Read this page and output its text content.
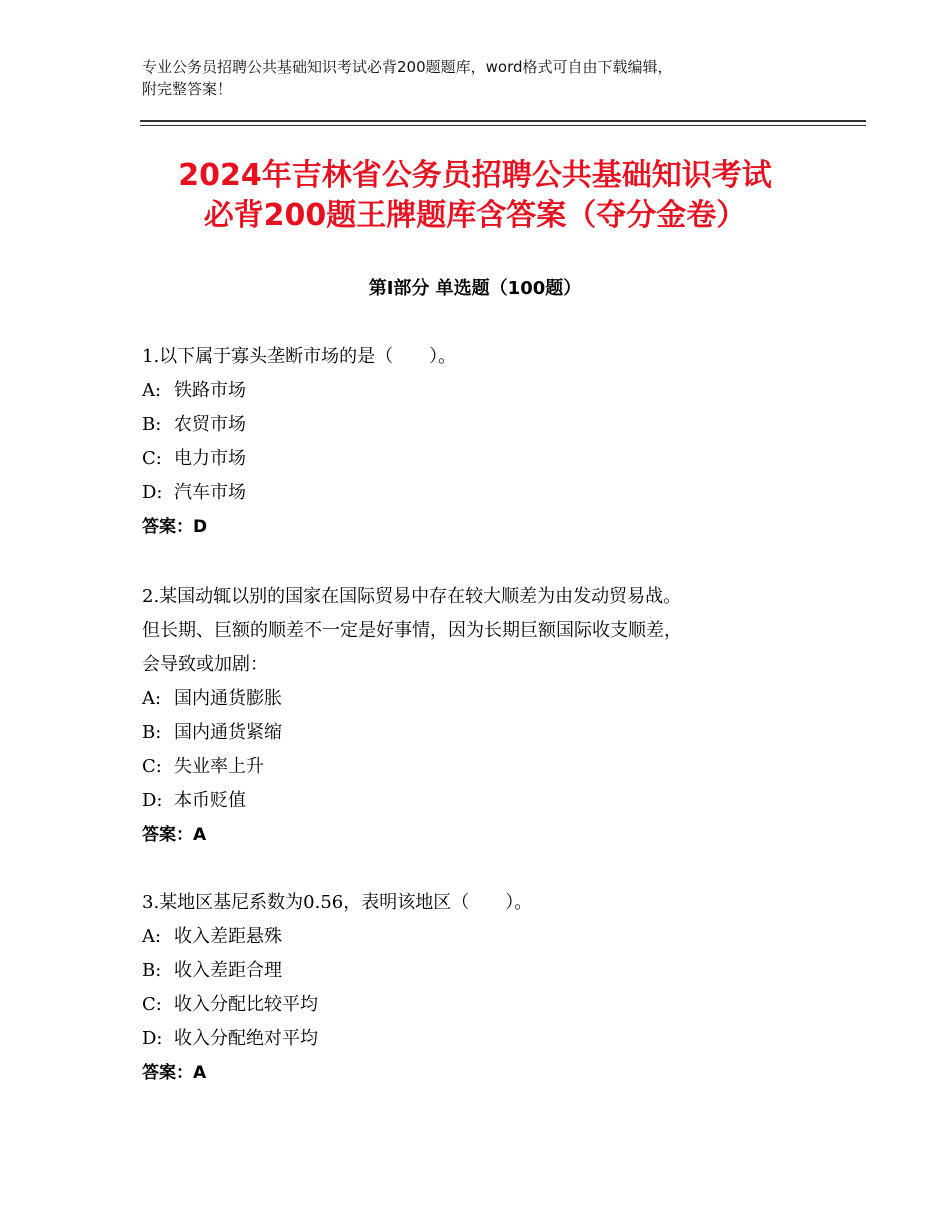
专业公务员招聘公共基础知识考试必背200题题库，word格式可自由下载编辑，
附完整答案！
2024年吉林省公务员招聘公共基础知识考试
必背200题王牌题库含答案（夺分金卷）
第Ⅰ部分 单选题（100题）
1.以下属于寡头垄断市场的是（　　）。
A: 铁路市场
B: 农贸市场
C: 电力市场
D: 汽车市场
答案：D
2.某国动辄以别的国家在国际贸易中存在较大顺差为由发动贸易战。
但长期、巨额的顺差不一定是好事情，因为长期巨额国际收支顺差，
会导致或加剧：
A: 国内通货膨胀
B: 国内通货紧缩
C: 失业率上升
D: 本币贬值
答案：A
3.某地区基尼系数为0.56，表明该地区（　　）。
A: 收入差距悬殊
B: 收入差距合理
C: 收入分配比较平均
D: 收入分配绝对平均
答案：A
